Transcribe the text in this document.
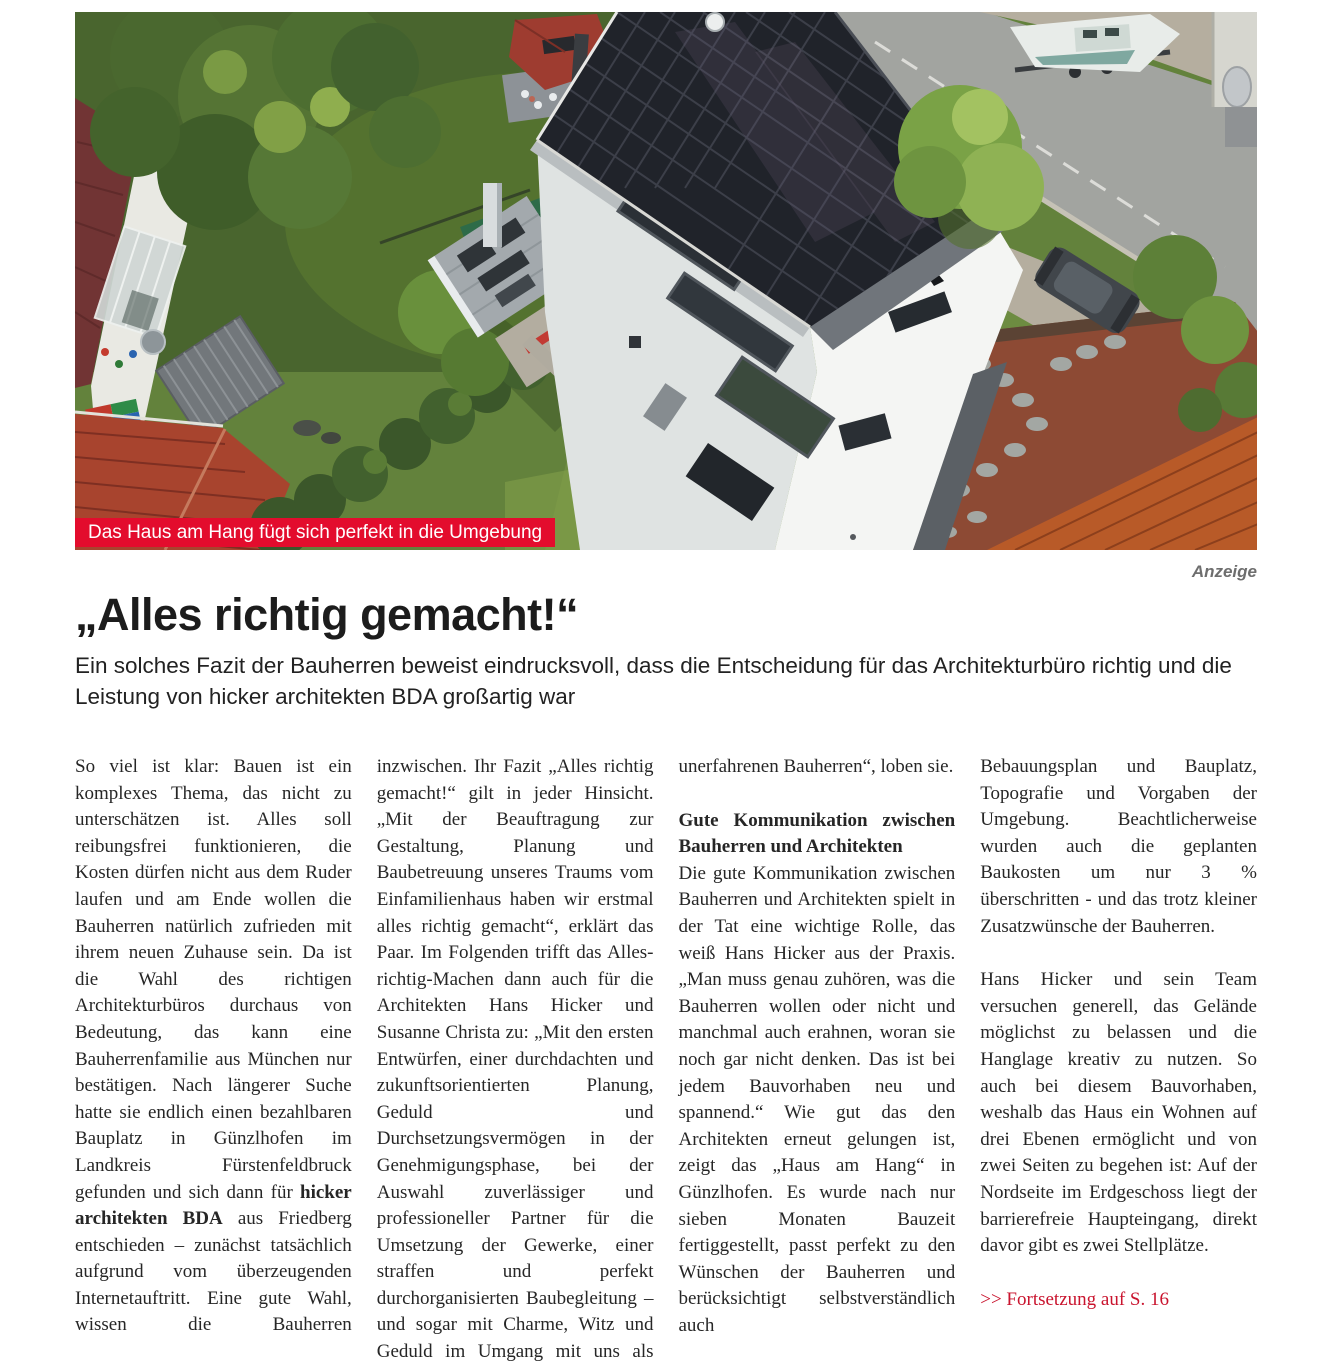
Das Haus am Hang fügt sich perfekt in die Umgebung
Anzeige
„Alles richtig gemacht!“

Ein solches Fazit der Bauherren beweist eindrucksvoll, dass die Entscheidung für das Architekturbüro richtig und die Leistung von hicker architekten BDA großartig war

So viel ist klar: Bauen ist ein komplexes Thema, das nicht zu unterschätzen ist. Alles soll reibungsfrei funktionieren, die Kosten dürfen nicht aus dem Ruder laufen und am Ende wollen die Bauherren natürlich zufrieden mit ihrem neuen Zuhause sein. Da ist die Wahl des richtigen Architekturbüros durchaus von Bedeutung, das kann eine Bauherrenfamilie aus München nur bestätigen. Nach längerer Suche hatte sie endlich einen bezahlbaren Bauplatz in Günzlhofen im Landkreis Fürstenfeldbruck gefunden und sich dann für hicker architekten BDA aus Friedberg entschieden – zunächst tatsächlich aufgrund vom überzeugenden Internetauftritt. Eine gute Wahl, wissen die Bauherren

inzwischen. Ihr Fazit „Alles richtig gemacht!“ gilt in jeder Hinsicht. „Mit der Beauftragung zur Gestaltung, Planung und Baubetreuung unseres Traums vom Einfamilienhaus haben wir erstmal alles richtig gemacht“, erklärt das Paar. Im Folgenden trifft das Alles-richtig-Machen dann auch für die Architekten Hans Hicker und Susanne Christa zu: „Mit den ersten Entwürfen, einer durchdachten und zukunftsorientierten Planung, Geduld und Durchsetzungsvermögen in der Genehmigungsphase, bei der Auswahl zuverlässiger und professioneller Partner für die Umsetzung der Gewerke, einer straffen und perfekt durchorganisierten Baubegleitung – und sogar mit Charme, Witz und Geduld im Umgang mit uns als

unerfahrenen Bauherren“, loben sie.

Gute Kommunikation zwischen Bauherren und Architekten

Die gute Kommunikation zwischen Bauherren und Architekten spielt in der Tat eine wichtige Rolle, das weiß Hans Hicker aus der Praxis. „Man muss genau zuhören, was die Bauherren wollen oder nicht und manchmal auch erahnen, woran sie noch gar nicht denken. Das ist bei jedem Bauvorhaben neu und spannend.“ Wie gut das den Architekten erneut gelungen ist, zeigt das „Haus am Hang“ in Günzlhofen. Es wurde nach nur sieben Monaten Bauzeit fertiggestellt, passt perfekt zu den Wünschen der Bauherren und berücksichtigt selbstverständlich auch

Bebauungsplan und Bauplatz, Topografie und Vorgaben der Umgebung. Beachtlicherweise wurden auch die geplanten Baukosten um nur 3 % überschritten - und das trotz kleiner Zusatzwünsche der Bauherren.

Hans Hicker und sein Team versuchen generell, das Gelände möglichst zu belassen und die Hanglage kreativ zu nutzen. So auch bei diesem Bauvorhaben, weshalb das Haus ein Wohnen auf drei Ebenen ermöglicht und von zwei Seiten zu begehen ist: Auf der Nordseite im Erdgeschoss liegt der barrierefreie Haupteingang, direkt davor gibt es zwei Stellplätze.

>> Fortsetzung auf S. 16
